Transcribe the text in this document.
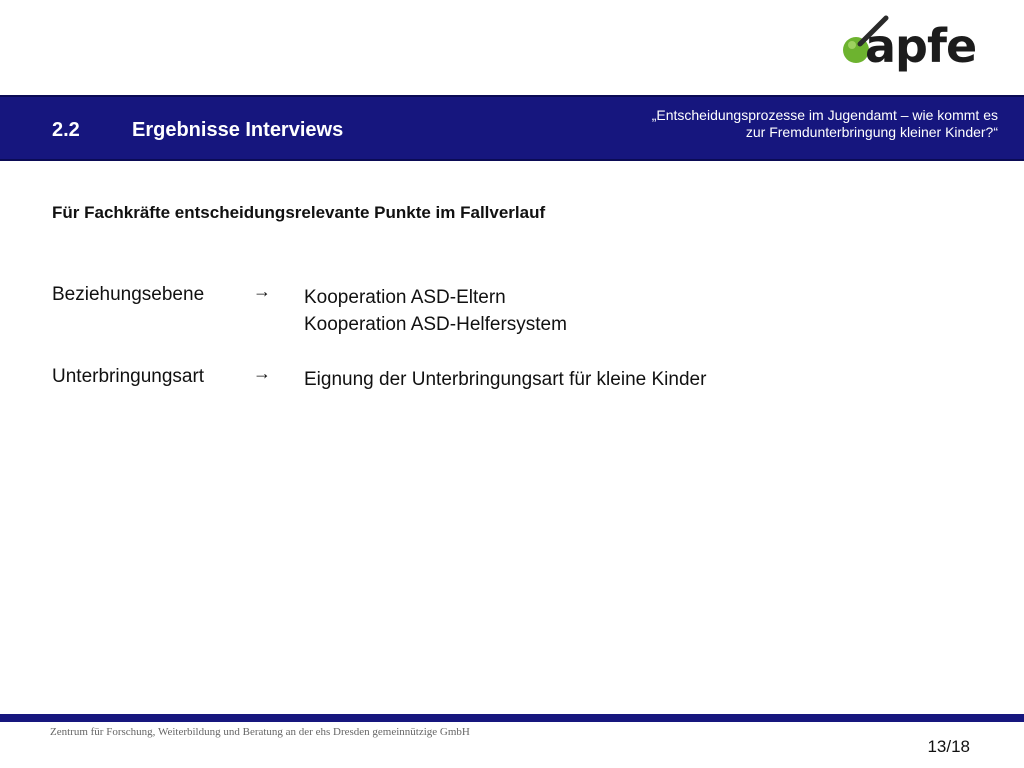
apfe
2.2	Ergebnisse Interviews
„Entscheidungsprozesse im Jugendamt – wie kommt es
zur Fremdunterbringung kleiner Kinder?“
Für Fachkräfte entscheidungsrelevante Punkte im Fallverlauf
Beziehungsebene	→ Kooperation ASD-Eltern
Kooperation ASD-Helfersystem
Unterbringungsart	→ Eignung der Unterbringungsart für kleine Kinder
Zentrum für Forschung, Weiterbildung und Beratung an der ehs Dresden gemeinnützige GmbH
13/18
